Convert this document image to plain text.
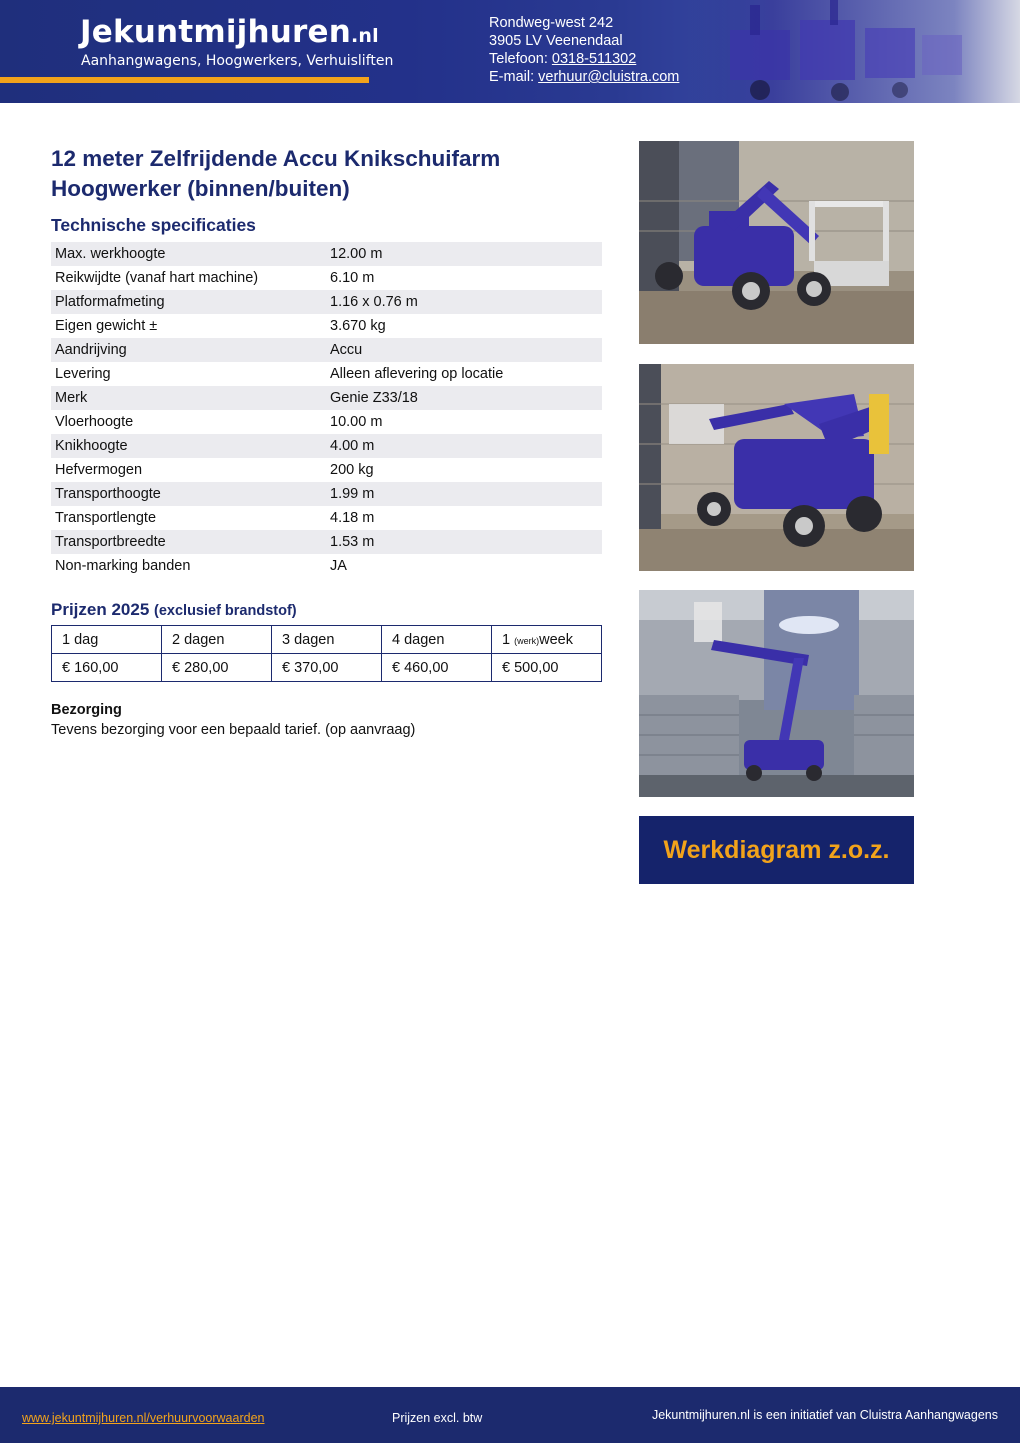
Jekuntmijhuren.nl
Aanhangwagens, Hoogwerkers, Verhuisliften
Rondweg-west 242
3905 LV Veenendaal
Telefoon: 0318-511302
E-mail: verhuur@cluistra.com
12 meter Zelfrijdende Accu Knikschuifarm Hoogwerker (binnen/buiten)
Technische specificaties
Max. werkhoogte	12.00 m
Reikwijdte (vanaf hart machine)	6.10 m
Platformafmeting	1.16 x 0.76 m
Eigen gewicht ±	3.670 kg
Aandrijving	Accu
Levering	Alleen aflevering op locatie
Merk	Genie Z33/18
Vloerhoogte	10.00 m
Knikhoogte	4.00 m
Hefvermogen	200 kg
Transporthoogte	1.99 m
Transportlengte	4.18 m
Transportbreedte	1.53 m
Non-marking banden	JA
Prijzen 2025 (exclusief brandstof)
1 dag	2 dagen	3 dagen	4 dagen	1 (werk)week
€ 160,00	€ 280,00	€ 370,00	€ 460,00	€ 500,00
Bezorging
Tevens bezorging voor een bepaald tarief. (op aanvraag)
Werkdiagram z.o.z.
www.jekuntmijhuren.nl/verhuurvoorwaarden	Prijzen excl. btw	Jekuntmijhuren.nl is een initiatief van Cluistra Aanhangwagens
